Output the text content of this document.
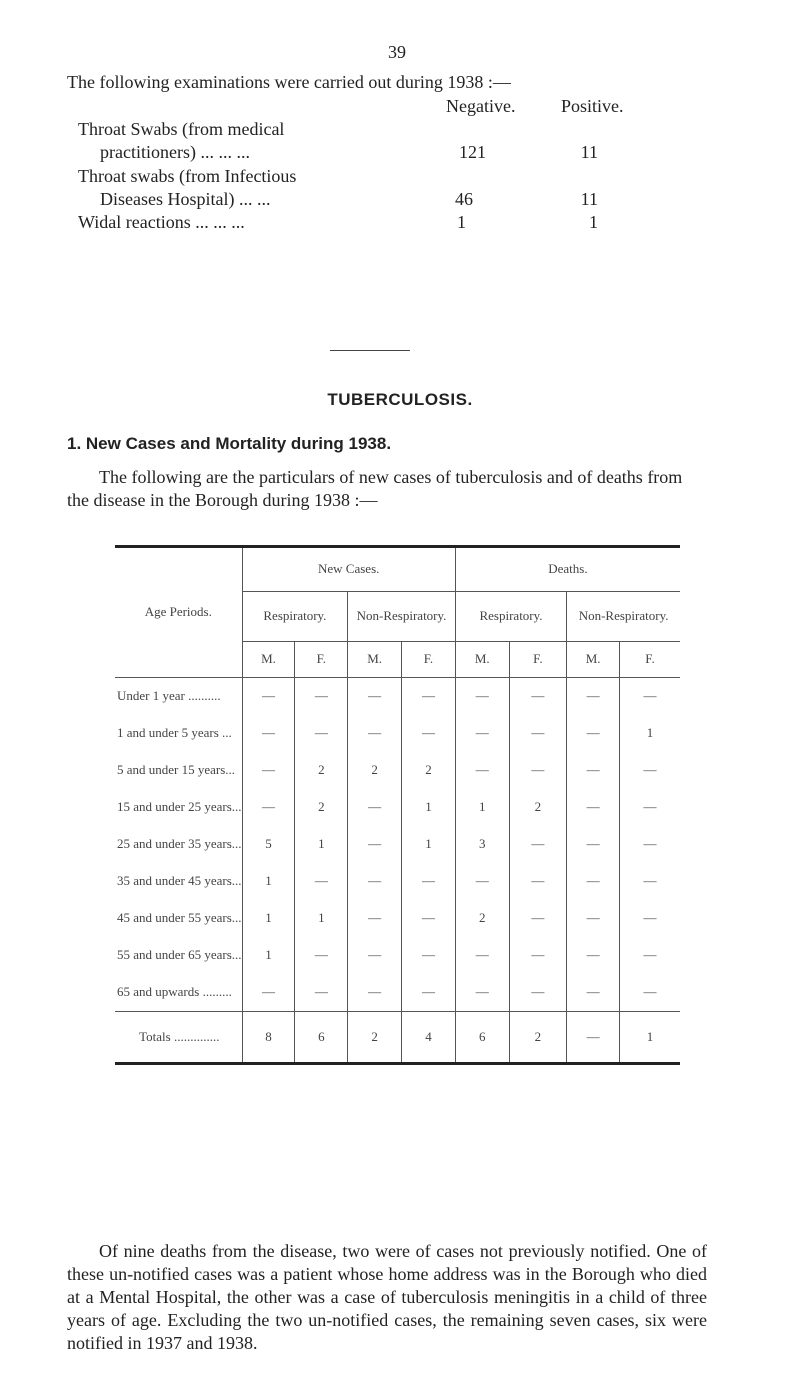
39
The following examinations were carried out during 1938 :—
Negative.	Positive.
Throat Swabs (from medical
practitioners) ... ... ...	121	11
Throat swabs (from Infectious
Diseases Hospital) ... ...	46	11
Widal reactions ... ... ...	1	1
TUBERCULOSIS.
1. New Cases and Mortality during 1938.
The following are the particulars of new cases of tuberculosis and of deaths from the disease in the Borough during 1938 :—
Age Periods.	New Cases.				Deaths.			
	Respiratory.		Non-Respiratory.		Respiratory.		Non-Respiratory.	
	M.	F.	M.	F.	M.	F.	M.	F.
Under 1 year ..........	—	—	—	—	—	—	—	—
1 and under 5 years ...	—	—	—	—	—	—	—	1
5 and under 15 years...	—	2	2	2	—	—	—	—
15 and under 25 years...	—	2	—	1	1	2	—	—
25 and under 35 years...	5	1	—	1	3	—	—	—
35 and under 45 years...	1	—	—	—	—	—	—	—
45 and under 55 years...	1	1	—	—	2	—	—	—
55 and under 65 years...	1	—	—	—	—	—	—	—
65 and upwards .........	—	—	—	—	—	—	—	—
Totals ..............	8	6	2	4	6	2	—	1
Of nine deaths from the disease, two were of cases not previously notified. One of these un-notified cases was a patient whose home address was in the Borough who died at a Mental Hospital, the other was a case of tuberculosis meningitis in a child of three years of age. Excluding the two un-notified cases, the remaining seven cases, six were notified in 1937 and 1938.
